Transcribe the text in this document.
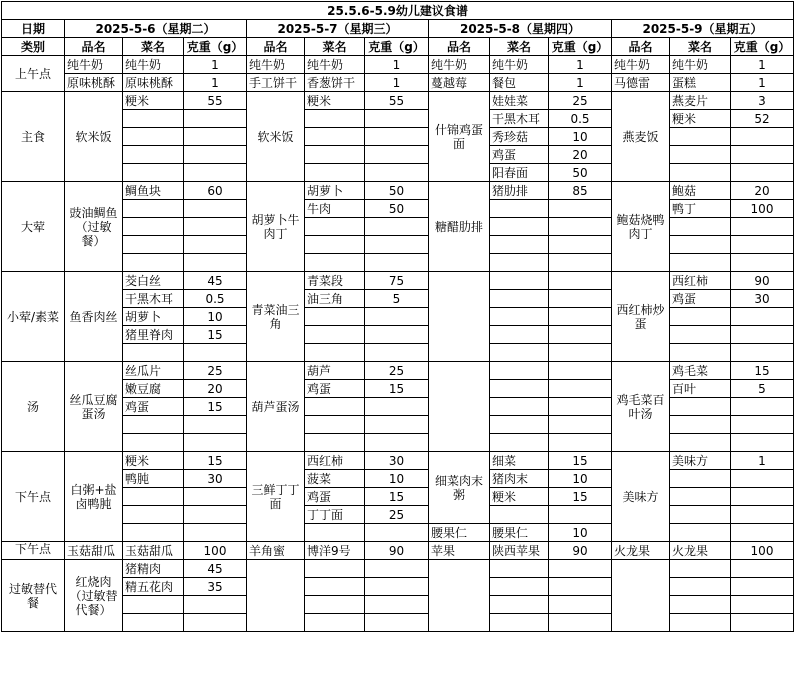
25.5.6-5.9幼儿建议食谱												
日期	2025-5-6（星期二）			2025-5-7（星期三）			2025-5-8（星期四）			2025-5-9（星期五）		
类别	品名	菜名	克重（g）	品名	菜名	克重（g）	品名	菜名	克重（g）	品名	菜名	克重（g）
上午点	纯牛奶	纯牛奶	1	纯牛奶	纯牛奶	1	纯牛奶	纯牛奶	1	纯牛奶	纯牛奶	1
	原味桃酥	原味桃酥	1	手工饼干	香葱饼干	1	蔓越莓	餐包	1	马德雷	蛋糕	1
主食	软米饭	粳米	55	软米饭	粳米	55	什锦鸡蛋面	娃娃菜	25	燕麦饭	燕麦片	3
								干黑木耳	0.5		粳米	52
								秀珍菇	10			
								鸡蛋	20			
								阳春面	50			
大荤	豉油鲷鱼（过敏餐）	鲷鱼块	60	胡萝卜牛肉丁	胡萝卜	50	糖醋肋排	猪肋排	85	鲍菇烧鸭肉丁	鲍菇	20
					牛肉	50					鸭丁	100

小荤/素菜	鱼香肉丝	茭白丝	45	青菜油三角	青菜段	75				西红柿炒蛋	西红柿	90
		干黑木耳	0.5		油三角	5					鸡蛋	30
		胡萝卜	10									
		猪里脊肉	15									

汤	丝瓜豆腐蛋汤	丝瓜片	25	葫芦蛋汤	葫芦	25				鸡毛菜百叶汤	鸡毛菜	15
		嫩豆腐	20		鸡蛋	15					百叶	5
		鸡蛋	15									

下午点	白粥+盐卤鸭肫	粳米	15	三鲜丁丁面	西红柿	30	细菜肉末粥	细菜	15	美味方	美味方	1
		鸭肫	30		菠菜	10		猪肉末	10			
					鸡蛋	15		粳米	15			
					丁丁面	25						
							腰果仁	腰果仁	10			
下午点	玉菇甜瓜	玉菇甜瓜	100	羊角蜜	博洋9号	90	苹果	陕西苹果	90	火龙果	火龙果	100
过敏替代餐	红烧肉（过敏替代餐）	猪精肉	45									
		精五花肉	35									
